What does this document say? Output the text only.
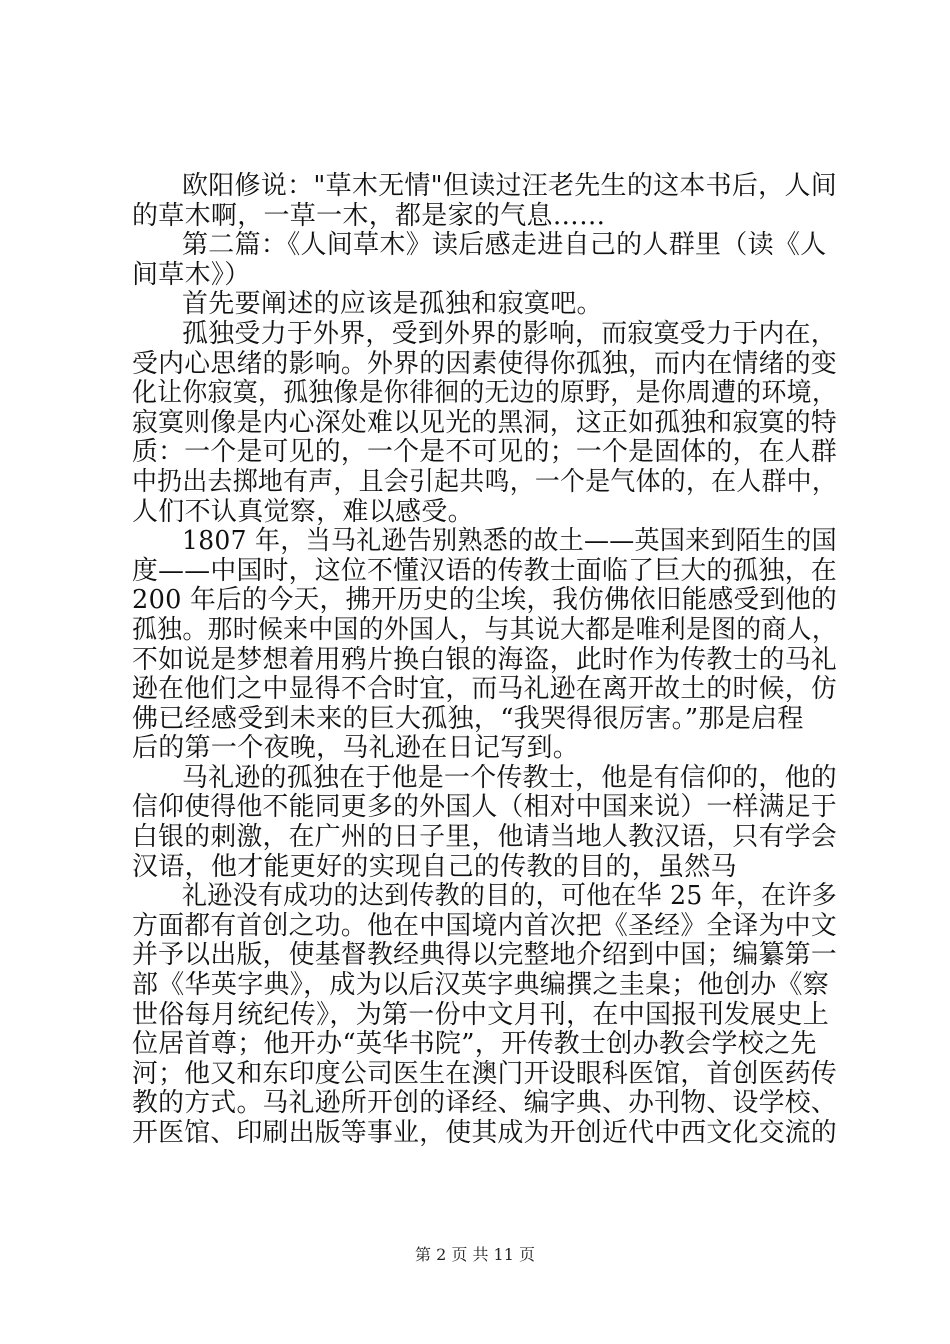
欧阳修说："草木无情"但读过汪老先生的这本书后，人间
的草木啊，一草一木，都是家的气息……
第二篇：《人间草木》读后感走进自己的人群里（读《人
间草木》）
首先要阐述的应该是孤独和寂寞吧。
孤独受力于外界，受到外界的影响，而寂寞受力于内在，
受内心思绪的影响。外界的因素使得你孤独，而内在情绪的变
化让你寂寞，孤独像是你徘徊的无边的原野，是你周遭的环境，
寂寞则像是内心深处难以见光的黑洞，这正如孤独和寂寞的特
质：一个是可见的，一个是不可见的；一个是固体的，在人群
中扔出去掷地有声，且会引起共鸣，一个是气体的，在人群中，
人们不认真觉察，难以感受。
1807 年，当马礼逊告别熟悉的故土——英国来到陌生的国
度——中国时，这位不懂汉语的传教士面临了巨大的孤独，在
200 年后的今天，拂开历史的尘埃，我仿佛依旧能感受到他的
孤独。那时候来中国的外国人，与其说大都是唯利是图的商人，
不如说是梦想着用鸦片换白银的海盗，此时作为传教士的马礼
逊在他们之中显得不合时宜，而马礼逊在离开故土的时候，仿
佛已经感受到未来的巨大孤独，“我哭得很厉害。”那是启程
后的第一个夜晚，马礼逊在日记写到。
马礼逊的孤独在于他是一个传教士，他是有信仰的，他的
信仰使得他不能同更多的外国人（相对中国来说）一样满足于
白银的刺激，在广州的日子里，他请当地人教汉语，只有学会
汉语，他才能更好的实现自己的传教的目的，虽然马
礼逊没有成功的达到传教的目的，可他在华 25 年，在许多
方面都有首创之功。他在中国境内首次把《圣经》全译为中文
并予以出版，使基督教经典得以完整地介绍到中国；编纂第一
部《华英字典》，成为以后汉英字典编撰之圭臬；他创办《察
世俗每月统纪传》，为第一份中文月刊，在中国报刊发展史上
位居首尊；他开办“英华书院”，开传教士创办教会学校之先
河；他又和东印度公司医生在澳门开设眼科医馆，首创医药传
教的方式。马礼逊所开创的译经、编字典、办刊物、设学校、
开医馆、印刷出版等事业，使其成为开创近代中西文化交流的
第 2 页 共 11 页
